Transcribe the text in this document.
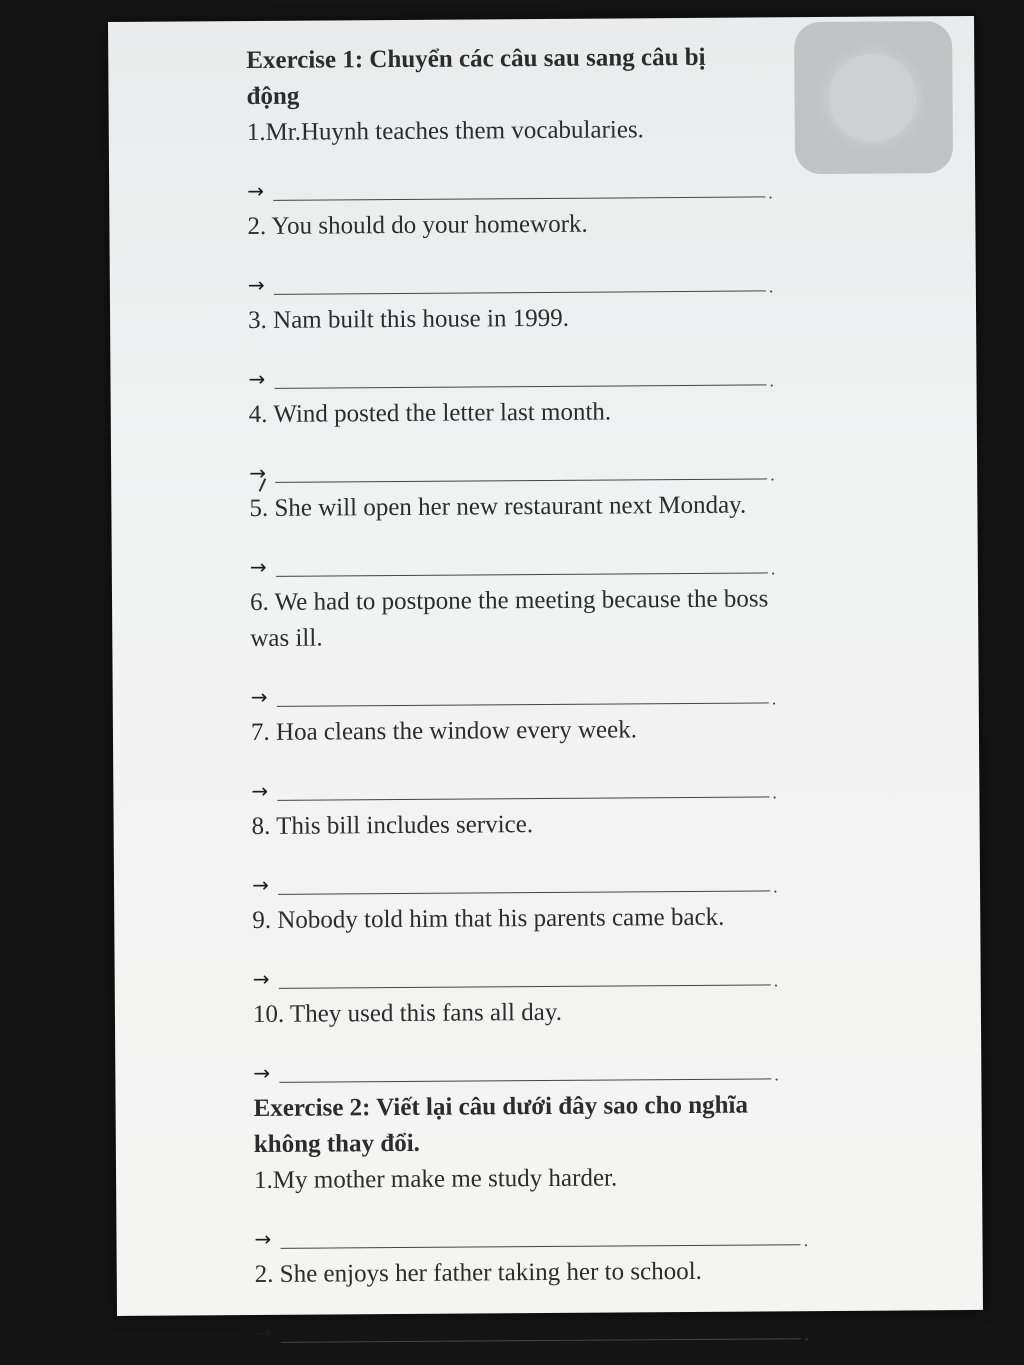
Exercise 1: Chuyển các câu sau sang câu bị

động

1.Mr.Huynh teaches them vocabularies.

→	.

2. You should do your homework.

→	.

3. Nam built this house in 1999.

→	.

4. Wind posted the letter last month.

→	.

5. She will open her new restaurant next Monday.

→	.

6. We had to postpone the meeting because the boss was ill.

→	.

7. Hoa cleans the window every week.

→	.

8. This bill includes service.

→	.

9. Nobody told him that his parents came back.

→	.

10. They used this fans all day.

→	.

Exercise 2: Viết lại câu dưới đây sao cho nghĩa

không thay đổi.

1.My mother make me study harder.

→	.

2. She enjoys her father taking her to school.

→	.
